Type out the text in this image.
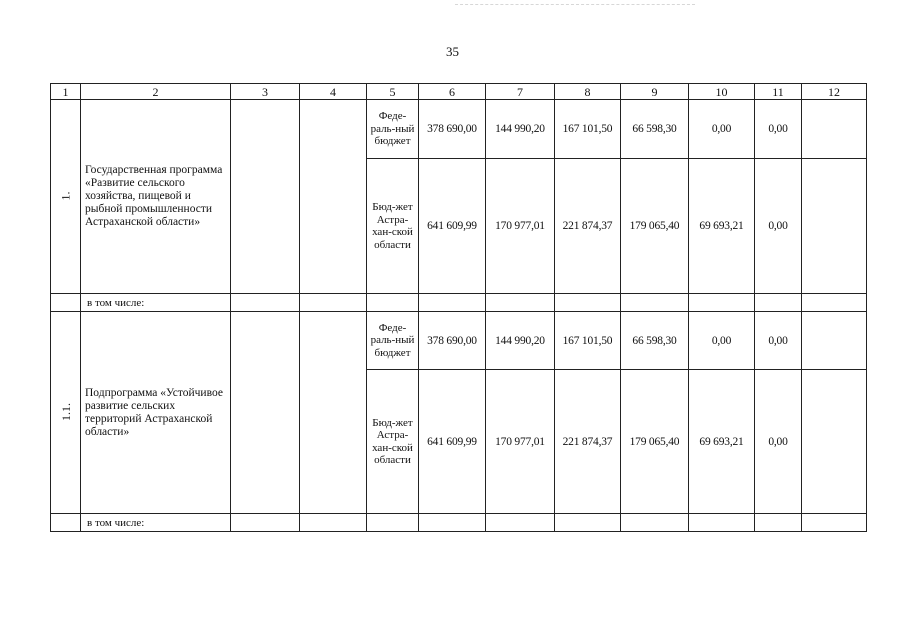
35
1	2	3	4	5	6	7	8	9	10	11	12
1.	Государственная программа «Развитие сельского хозяйства, пищевой и рыбной промышленности Астраханской области»			Феде-раль-ный бюджет	378 690,00	144 990,20	167 101,50	66 598,30	0,00	0,00	
				Бюд-жет Астра-хан-ской области	641 609,99	170 977,01	221 874,37	179 065,40	69 693,21	0,00	
	в том числе:										
1.1.	Подпрограмма «Устойчивое развитие сельских территорий Астраханской области»			Феде-раль-ный бюджет	378 690,00	144 990,20	167 101,50	66 598,30	0,00	0,00	
				Бюд-жет Астра-хан-ской области	641 609,99	170 977,01	221 874,37	179 065,40	69 693,21	0,00	
	в том числе:										
